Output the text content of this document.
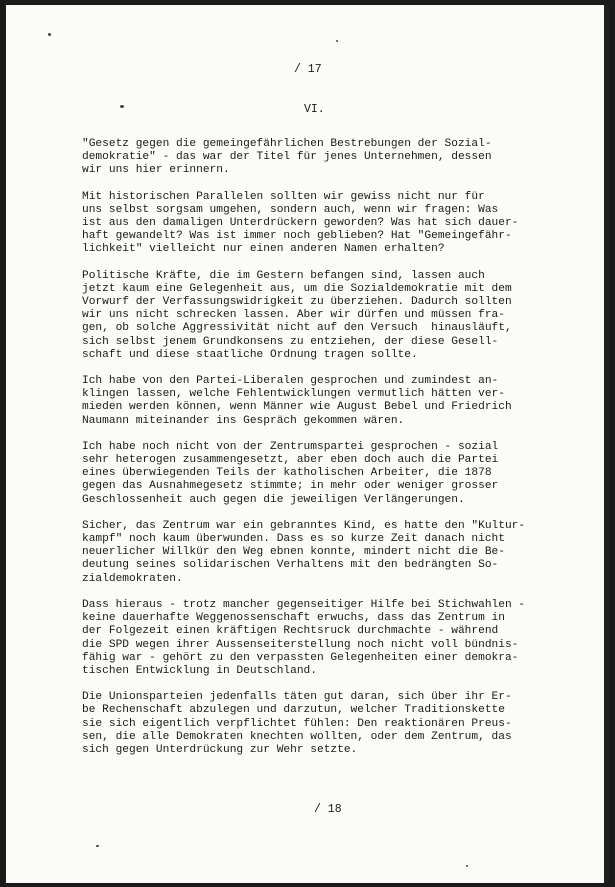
/ 17
VI.
"Gesetz gegen die gemeingefährlichen Bestrebungen der Sozial-
demokratie" - das war der Titel für jenes Unternehmen, dessen
wir uns hier erinnern.
Mit historischen Parallelen sollten wir gewiss nicht nur für
uns selbst sorgsam umgehen, sondern auch, wenn wir fragen: Was
ist aus den damaligen Unterdrückern geworden? Was hat sich dauer-
haft gewandelt? Was ist immer noch geblieben? Hat "Gemeingefähr-
lichkeit" vielleicht nur einen anderen Namen erhalten?
Politische Kräfte, die im Gestern befangen sind, lassen auch
jetzt kaum eine Gelegenheit aus, um die Sozialdemokratie mit dem
Vorwurf der Verfassungswidrigkeit zu überziehen. Dadurch sollten
wir uns nicht schrecken lassen. Aber wir dürfen und müssen fra-
gen, ob solche Aggressivität nicht auf den Versuch  hinausläuft,
sich selbst jenem Grundkonsens zu entziehen, der diese Gesell-
schaft und diese staatliche Ordnung tragen sollte.
Ich habe von den Partei-Liberalen gesprochen und zumindest an-
klingen lassen, welche Fehlentwicklungen vermutlich hätten ver-
mieden werden können, wenn Männer wie August Bebel und Friedrich
Naumann miteinander ins Gespräch gekommen wären.
Ich habe noch nicht von der Zentrumspartei gesprochen - sozial
sehr heterogen zusammengesetzt, aber eben doch auch die Partei
eines überwiegenden Teils der katholischen Arbeiter, die 1878
gegen das Ausnahmegesetz stimmte; in mehr oder weniger grosser
Geschlossenheit auch gegen die jeweiligen Verlängerungen.
Sicher, das Zentrum war ein gebranntes Kind, es hatte den "Kultur-
kampf" noch kaum überwunden. Dass es so kurze Zeit danach nicht
neuerlicher Willkür den Weg ebnen konnte, mindert nicht die Be-
deutung seines solidarischen Verhaltens mit den bedrängten So-
zialdemokraten.
Dass hieraus - trotz mancher gegenseitiger Hilfe bei Stichwahlen -
keine dauerhafte Weggenossenschaft erwuchs, dass das Zentrum in
der Folgezeit einen kräftigen Rechtsruck durchmachte - während
die SPD wegen ihrer Aussenseiterstellung noch nicht voll bündnis-
fähig war - gehört zu den verpassten Gelegenheiten einer demokra-
tischen Entwicklung in Deutschland.
Die Unionsparteien jedenfalls täten gut daran, sich über ihr Er-
be Rechenschaft abzulegen und darzutun, welcher Traditionskette
sie sich eigentlich verpflichtet fühlen: Den reaktionären Preus-
sen, die alle Demokraten knechten wollten, oder dem Zentrum, das
sich gegen Unterdrückung zur Wehr setzte.
/ 18
